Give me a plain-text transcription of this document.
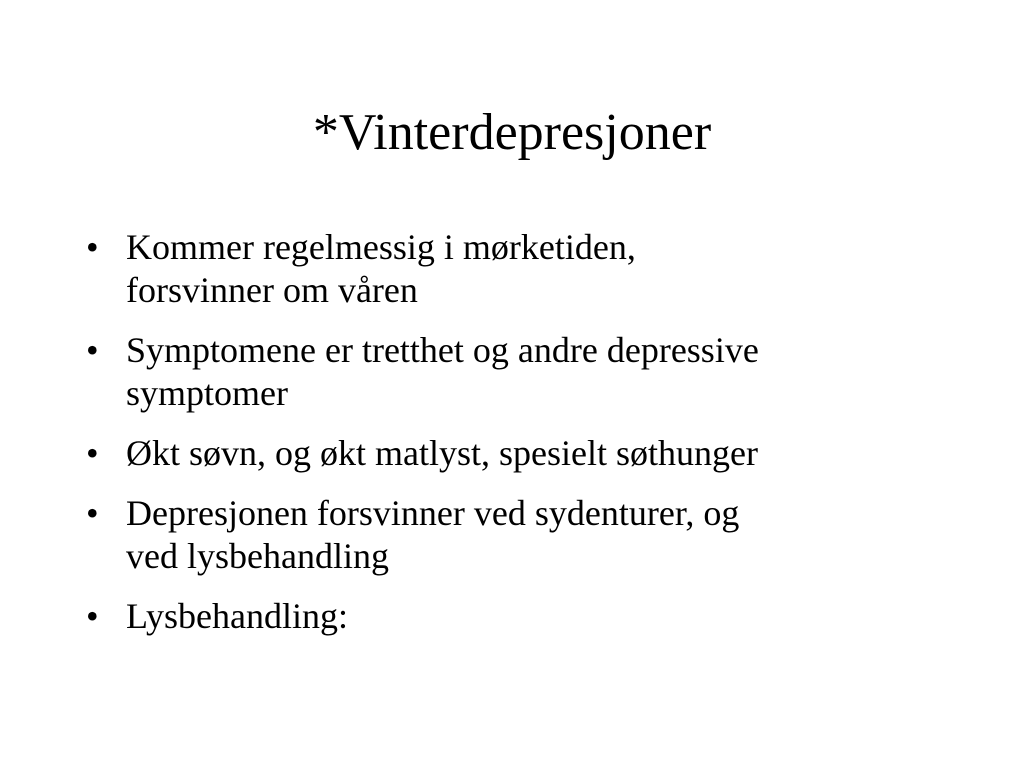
*Vinterdepresjoner
• Kommer regelmessig i mørketiden,
forsvinner om våren
• Symptomene er tretthet og andre depressive
symptomer
• Økt søvn, og økt matlyst, spesielt søthunger
• Depresjonen forsvinner ved sydenturer, og
ved lysbehandling
• Lysbehandling:
